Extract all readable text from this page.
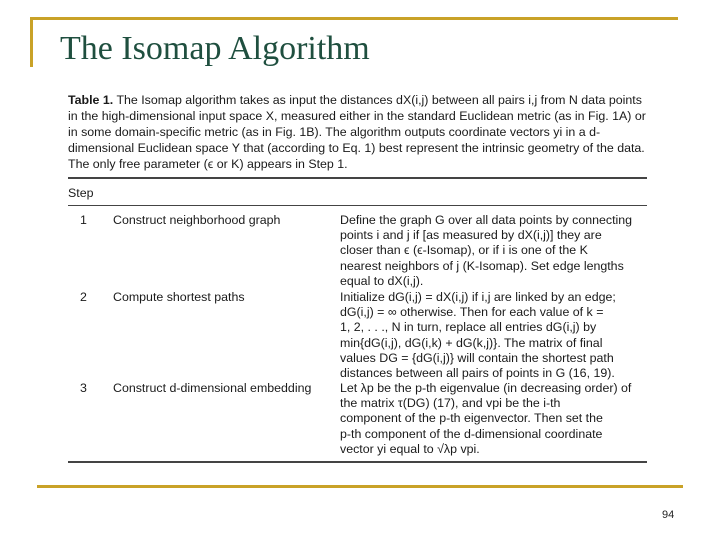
The Isomap Algorithm
Table 1. The Isomap algorithm takes as input the distances dX(i,j) between all pairs i,j from N data points in the high-dimensional input space X, measured either in the standard Euclidean metric (as in Fig. 1A) or in some domain-specific metric (as in Fig. 1B). The algorithm outputs coordinate vectors yi in a d-dimensional Euclidean space Y that (according to Eq. 1) best represent the intrinsic geometry of the data. The only free parameter (ϵ or K) appears in Step 1.
Step
1 Construct neighborhood graph	Define the graph G over all data points by connecting
points i and j if [as measured by dX(i,j)] they are
closer than ϵ (ϵ-Isomap), or if i is one of the K
nearest neighbors of j (K-Isomap). Set edge lengths
equal to dX(i,j).
2 Compute shortest paths	Initialize dG(i,j) = dX(i,j) if i,j are linked by an edge;
dG(i,j) = ∞ otherwise. Then for each value of k =
1, 2, . . ., N in turn, replace all entries dG(i,j) by
min{dG(i,j), dG(i,k) + dG(k,j)}. The matrix of final
values DG = {dG(i,j)} will contain the shortest path
distances between all pairs of points in G (16, 19).
3 Construct d-dimensional embedding Let λp be the p-th eigenvalue (in decreasing order) of
the matrix τ(DG) (17), and vpi be the i-th
component of the p-th eigenvector. Then set the
p-th component of the d-dimensional coordinate
vector yi equal to √λp vpi.
94
